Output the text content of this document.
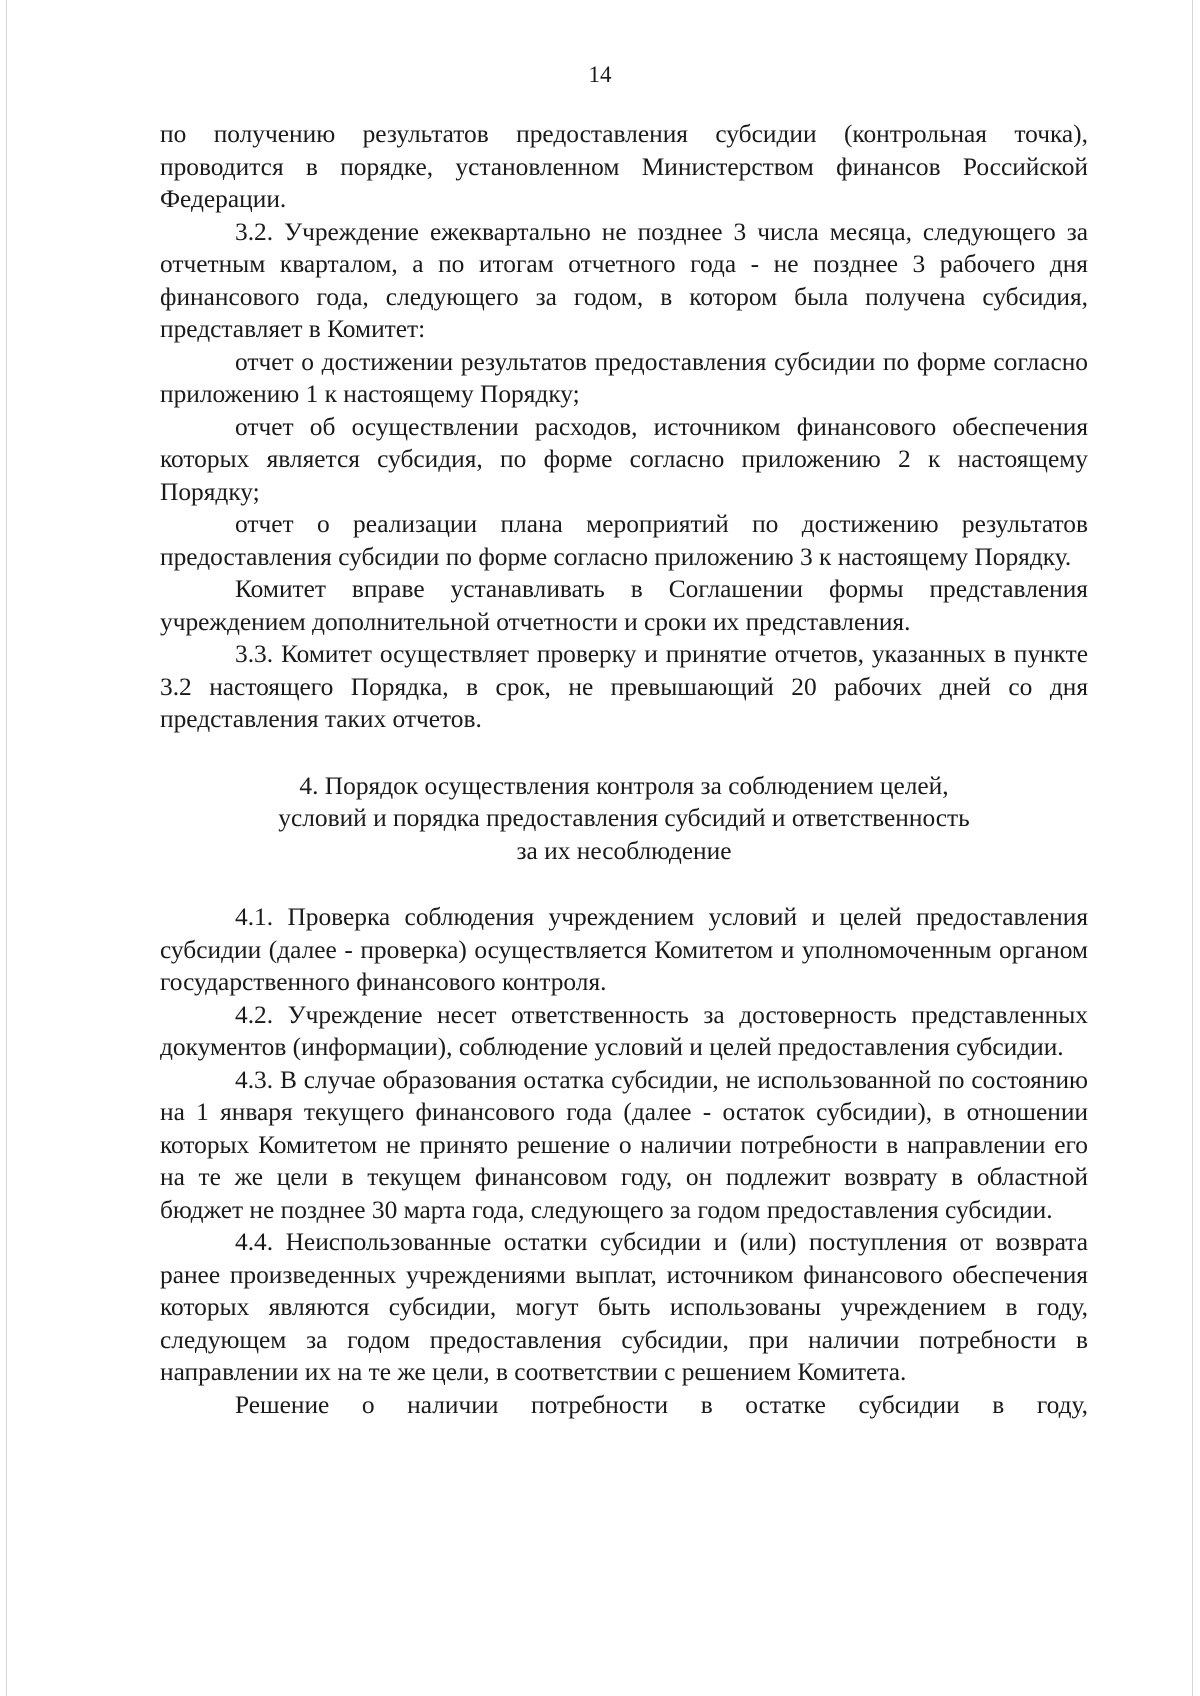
14

по получению результатов предоставления субсидии (контрольная точка), проводится в порядке, установленном Министерством финансов Российской Федерации.

3.2. Учреждение ежеквартально не позднее 3 числа месяца, следующего за отчетным кварталом, а по итогам отчетного года - не позднее 3 рабочего дня финансового года, следующего за годом, в котором была получена субсидия, представляет в Комитет:

отчет о достижении результатов предоставления субсидии по форме согласно приложению 1 к настоящему Порядку;

отчет об осуществлении расходов, источником финансового обеспечения которых является субсидия, по форме согласно приложению 2 к настоящему Порядку;

отчет о реализации плана мероприятий по достижению результатов предоставления субсидии по форме согласно приложению 3 к настоящему Порядку.

Комитет вправе устанавливать в Соглашении формы представления учреждением дополнительной отчетности и сроки их представления.

3.3. Комитет осуществляет проверку и принятие отчетов, указанных в пункте 3.2 настоящего Порядка, в срок, не превышающий 20 рабочих дней со дня представления таких отчетов.

4. Порядок осуществления контроля за соблюдением целей,
условий и порядка предоставления субсидий и ответственность
за их несоблюдение

4.1. Проверка соблюдения учреждением условий и целей предоставления субсидии (далее - проверка) осуществляется Комитетом и уполномоченным органом государственного финансового контроля.

4.2. Учреждение несет ответственность за достоверность представленных документов (информации), соблюдение условий и целей предоставления субсидии.

4.3. В случае образования остатка субсидии, не использованной по состоянию на 1 января текущего финансового года (далее - остаток субсидии), в отношении которых Комитетом не принято решение о наличии потребности в направлении его на те же цели в текущем финансовом году, он подлежит возврату в областной бюджет не позднее 30 марта года, следующего за годом предоставления субсидии.

4.4. Неиспользованные остатки субсидии и (или) поступления от возврата ранее произведенных учреждениями выплат, источником финансового обеспечения которых являются субсидии, могут быть использованы учреждением в году, следующем за годом предоставления субсидии, при наличии потребности в направлении их на те же цели, в соответствии с решением Комитета.

Решение о наличии потребности в остатке субсидии в году,
